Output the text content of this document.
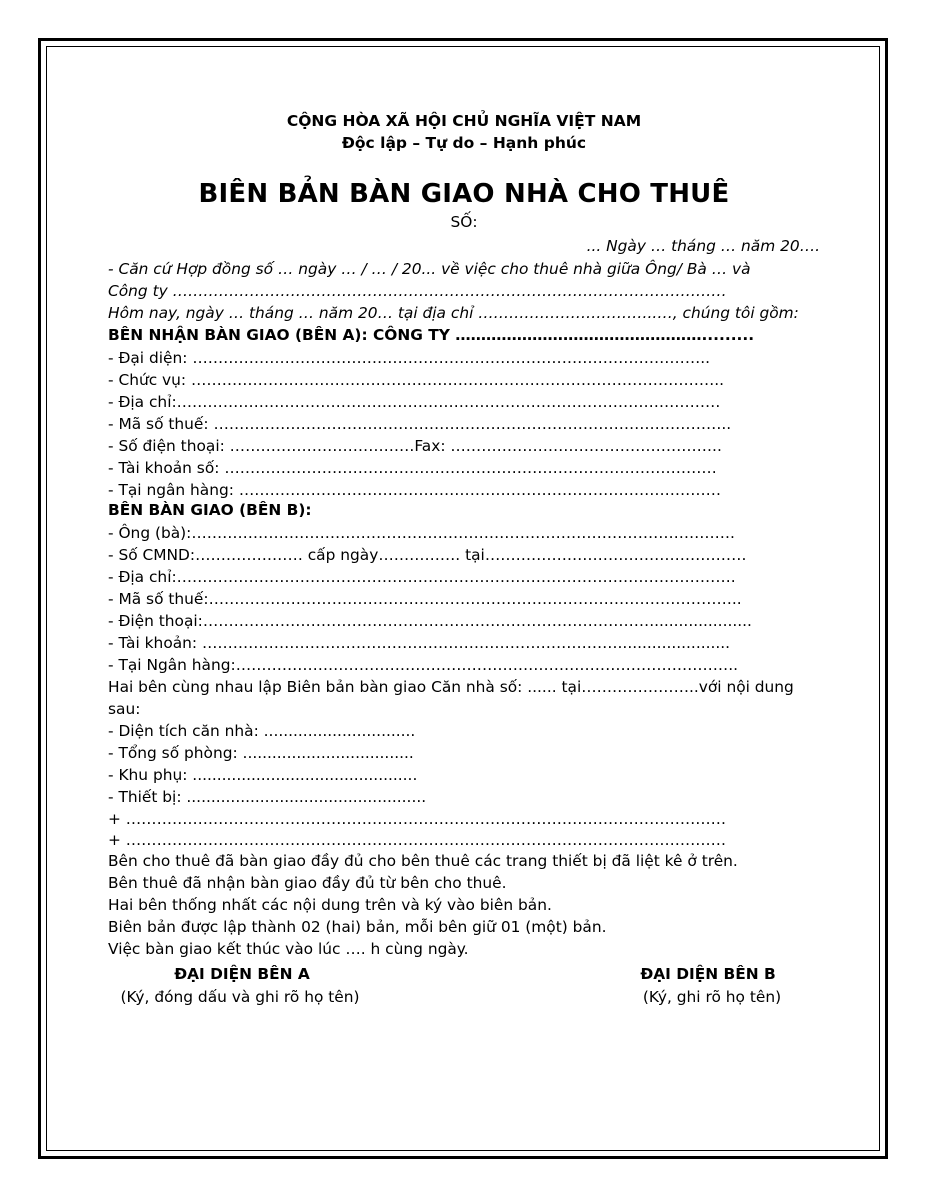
CỘNG HÒA XÃ HỘI CHỦ NGHĨA VIỆT NAM
Độc lập – Tự do – Hạnh phúc
BIÊN BẢN BÀN GIAO NHÀ CHO THUÊ
SỐ:
... Ngày … tháng … năm 20….
- Căn cứ Hợp đồng số … ngày … / … / 20... về việc cho thuê nhà giữa Ông/ Bà … và
Công ty ………………………………………………………………………………………………
Hôm nay, ngày … tháng … năm 20… tại địa chỉ ……………………………..…, chúng tôi gồm:
BÊN NHẬN BÀN GIAO (BÊN A): CÔNG TY ………………………………………….........
- Đại diện: ………………………………………………………………………………………..
- Chức vụ: …………………………………………………………………………………………..
- Địa chỉ:…………………………………………………………………………………………….
- Mã số thuế: ………………………………………………………………………………………..
- Số điện thoại: ………………………………Fax: ……………………………………………..
- Tài khoản số: ……………………………………………………………………………………
- Tại ngân hàng: ………………………………………………………………………………….
BÊN BÀN GIAO (BÊN B):
- Ông (bà):…………………………………………………………………………………………….
- Số CMND:………………… cấp ngày……………. tại……………………………………………
- Địa chỉ:……………………………………………………………………………………………….
- Mã số thuế:…………………………………………………………………………………………..
- Điện thoại:…………………………………………………………………………….....................
- Tài khoản: ……………………………………………………………………….......................
- Tại Ngân hàng:……………………………………………………………………………………..
Hai bên cùng nhau lập Biên bản bàn giao Căn nhà số: ...... tại…………………..với nội dung
sau:
- Diện tích căn nhà: ...............................
- Tổng số phòng: ...................................
- Khu phụ: ..............................................
- Thiết bị: .................................................
+ ………………………………………………………………………………………………………
+ ………………………………………………………………………………………………………
Bên cho thuê đã bàn giao đầy đủ cho bên thuê các trang thiết bị đã liệt kê ở trên.
Bên thuê đã nhận bàn giao đầy đủ từ bên cho thuê.
Hai bên thống nhất các nội dung trên và ký vào biên bản.
Biên bản được lập thành 02 (hai) bản, mỗi bên giữ 01 (một) bản.
Việc bàn giao kết thúc vào lúc …. h cùng ngày.
ĐẠI DIỆN BÊN A
(Ký, đóng dấu và ghi rõ họ tên)
ĐẠI DIỆN BÊN B
(Ký, ghi rõ họ tên)
